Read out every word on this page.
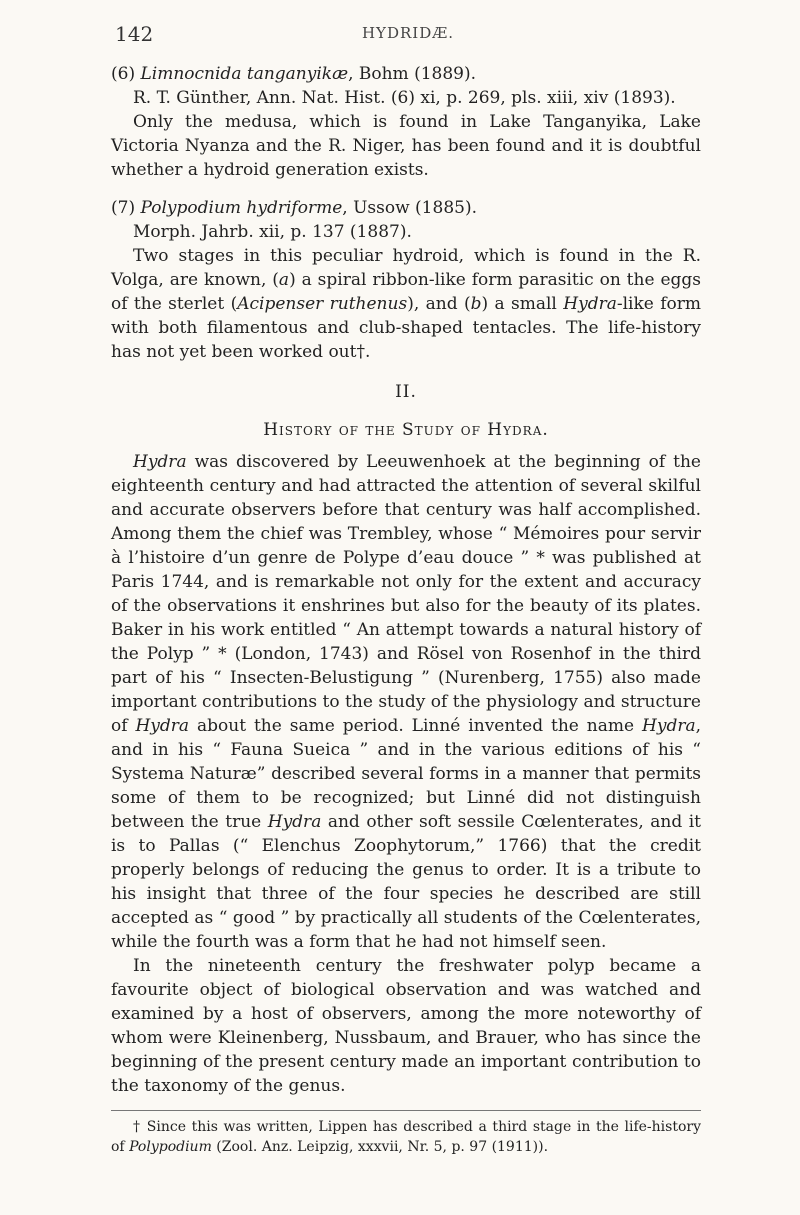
142	HYDRIDÆ.

(6) Limnocnida tanganyikæ, Bohm (1889).
R. T. Günther, Ann. Nat. Hist. (6) xi, p. 269, pls. xiii, xiv (1893).

Only the medusa, which is found in Lake Tanganyika, Lake Victoria Nyanza and the R. Niger, has been found and it is doubtful whether a hydroid generation exists.

(7) Polypodium hydriforme, Ussow (1885).
Morph. Jahrb. xii, p. 137 (1887).

Two stages in this peculiar hydroid, which is found in the R. Volga, are known, (a) a spiral ribbon-like form parasitic on the eggs of the sterlet (Acipenser ruthenus), and (b) a small Hydra-like form with both filamentous and club-shaped tentacles. The life-history has not yet been worked out†.

II.

History of the Study of Hydra.

Hydra was discovered by Leeuwenhoek at the beginning of the eighteenth century and had attracted the attention of several skilful and accurate observers before that century was half accomplished. Among them the chief was Trembley, whose “ Mémoires pour servir à l’histoire d’un genre de Polype d’eau douce ” * was published at Paris 1744, and is remarkable not only for the extent and accuracy of the observations it enshrines but also for the beauty of its plates. Baker in his work entitled “ An attempt towards a natural history of the Polyp ” * (London, 1743) and Rösel von Rosenhof in the third part of his “ Insecten-Belustigung ” (Nurenberg, 1755) also made important contributions to the study of the physiology and structure of Hydra about the same period. Linné invented the name Hydra, and in his “ Fauna Sueica ” and in the various editions of his “ Systema Naturæ” described several forms in a manner that permits some of them to be recognized; but Linné did not distinguish between the true Hydra and other soft sessile Cœlenterates, and it is to Pallas (“ Elenchus Zoophytorum,” 1766) that the credit properly belongs of reducing the genus to order. It is a tribute to his insight that three of the four species he described are still accepted as “ good ” by practically all students of the Cœlenterates, while the fourth was a form that he had not himself seen.

In the nineteenth century the freshwater polyp became a favourite object of biological observation and was watched and examined by a host of observers, among the more noteworthy of whom were Kleinenberg, Nussbaum, and Brauer, who has since the beginning of the present century made an important contribution to the taxonomy of the genus.

† Since this was written, Lippen has described a third stage in the life-history of Polypodium (Zool. Anz. Leipzig, xxxvii, Nr. 5, p. 97 (1911)).
